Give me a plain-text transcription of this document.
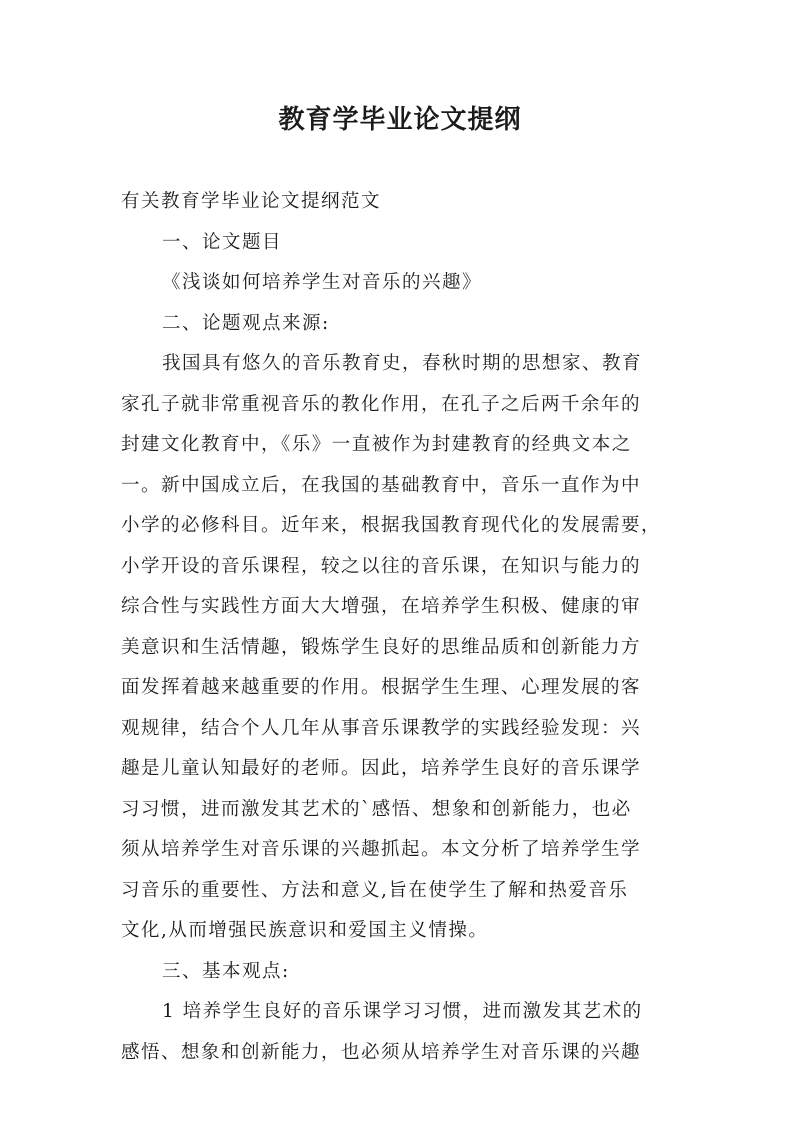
教育学毕业论文提纲
有关教育学毕业论文提纲范文
一、论文题目
《浅谈如何培养学生对音乐的兴趣》
二、论题观点来源:
我国具有悠久的音乐教育史，春秋时期的思想家、教育
家孔子就非常重视音乐的教化作用，在孔子之后两千余年的
封建文化教育中，《乐》一直被作为封建教育的经典文本之
一。新中国成立后，在我国的基础教育中，音乐一直作为中
小学的必修科目。近年来，根据我国教育现代化的发展需要，
小学开设的音乐课程，较之以往的音乐课，在知识与能力的
综合性与实践性方面大大增强，在培养学生积极、健康的审
美意识和生活情趣，锻炼学生良好的思维品质和创新能力方
面发挥着越来越重要的作用。根据学生生理、心理发展的客
观规律，结合个人几年从事音乐课教学的实践经验发现：兴
趣是儿童认知最好的老师。因此，培养学生良好的音乐课学
习习惯，进而激发其艺术的`感悟、想象和创新能力，也必
须从培养学生对音乐课的兴趣抓起。本文分析了培养学生学
习音乐的重要性、方法和意义,旨在使学生了解和热爱音乐
文化,从而增强民族意识和爱国主义情操。
三、基本观点:
1 培养学生良好的音乐课学习习惯，进而激发其艺术的
感悟、想象和创新能力，也必须从培养学生对音乐课的兴趣
